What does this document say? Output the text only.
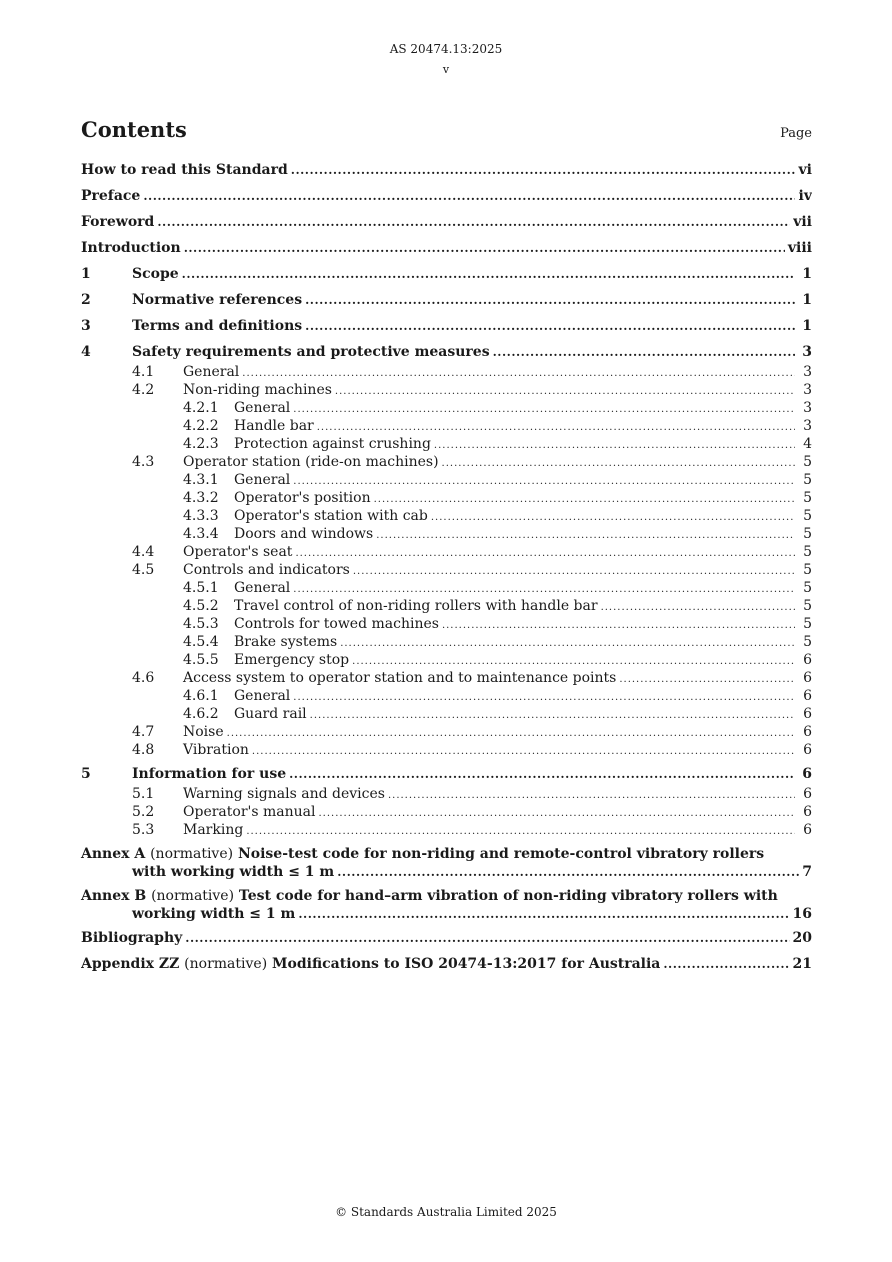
AS 20474.13:2025
v
Contents	Page
How to read this Standard .....	vi
Preface .....	iv
Foreword .....	vii
Introduction .....	viii
1	Scope .....	1
2	Normative references .....	1
3	Terms and definitions .....	1
4	Safety requirements and protective measures .....	3
4.1	General .....	3
4.2	Non-riding machines .....	3
4.2.1	General .....	3
4.2.2	Handle bar .....	3
4.2.3	Protection against crushing .....	4
4.3	Operator station (ride-on machines) .....	5
4.3.1	General .....	5
4.3.2	Operator's position .....	5
4.3.3	Operator's station with cab .....	5
4.3.4	Doors and windows .....	5
4.4	Operator's seat .....	5
4.5	Controls and indicators .....	5
4.5.1	General .....	5
4.5.2	Travel control of non-riding rollers with handle bar .....	5
4.5.3	Controls for towed machines .....	5
4.5.4	Brake systems .....	5
4.5.5	Emergency stop .....	6
4.6	Access system to operator station and to maintenance points .....	6
4.6.1	General .....	6
4.6.2	Guard rail .....	6
4.7	Noise .....	6
4.8	Vibration .....	6
5	Information for use .....	6
5.1	Warning signals and devices .....	6
5.2	Operator's manual .....	6
5.3	Marking .....	6
Annex A (normative) Noise-test code for non-riding and remote-control vibratory rollers
with working width ≤ 1 m .....	7
Annex B (normative) Test code for hand–arm vibration of non-riding vibratory rollers with
working width ≤ 1 m .....	16
Bibliography .....	20
Appendix ZZ (normative) Modifications to ISO 20474-13:2017 for Australia .....	21
© Standards Australia Limited 2025
